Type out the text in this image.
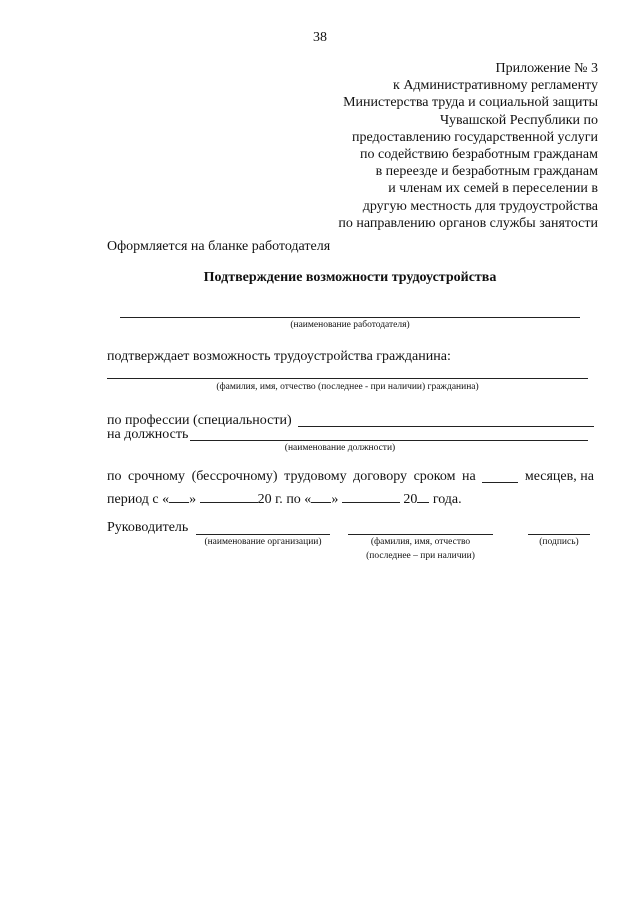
38
Приложение № 3
к Административному регламенту
Министерства труда и социальной защиты
Чувашской Республики по
предоставлению государственной услуги
по содействию безработным гражданам
в переезде и безработным гражданам
и членам их семей в переселении в
другую местность для трудоустройства
по направлению органов службы занятости
Оформляется на бланке работодателя
Подтверждение возможности трудоустройства
(наименование работодателя)
подтверждает возможность трудоустройства гражданина:
(фамилия, имя, отчество (последнее - при наличии) гражданина)
по профессии (специальности)
на должность
(наименование должности)
по срочному (бессрочному) трудовому договору сроком на	месяцев, на
период с « »	20 г. по « »	20 года.
Руководитель
(наименование организации)	(фамилия, имя, отчество
(последнее – при наличии)
(подпись)
